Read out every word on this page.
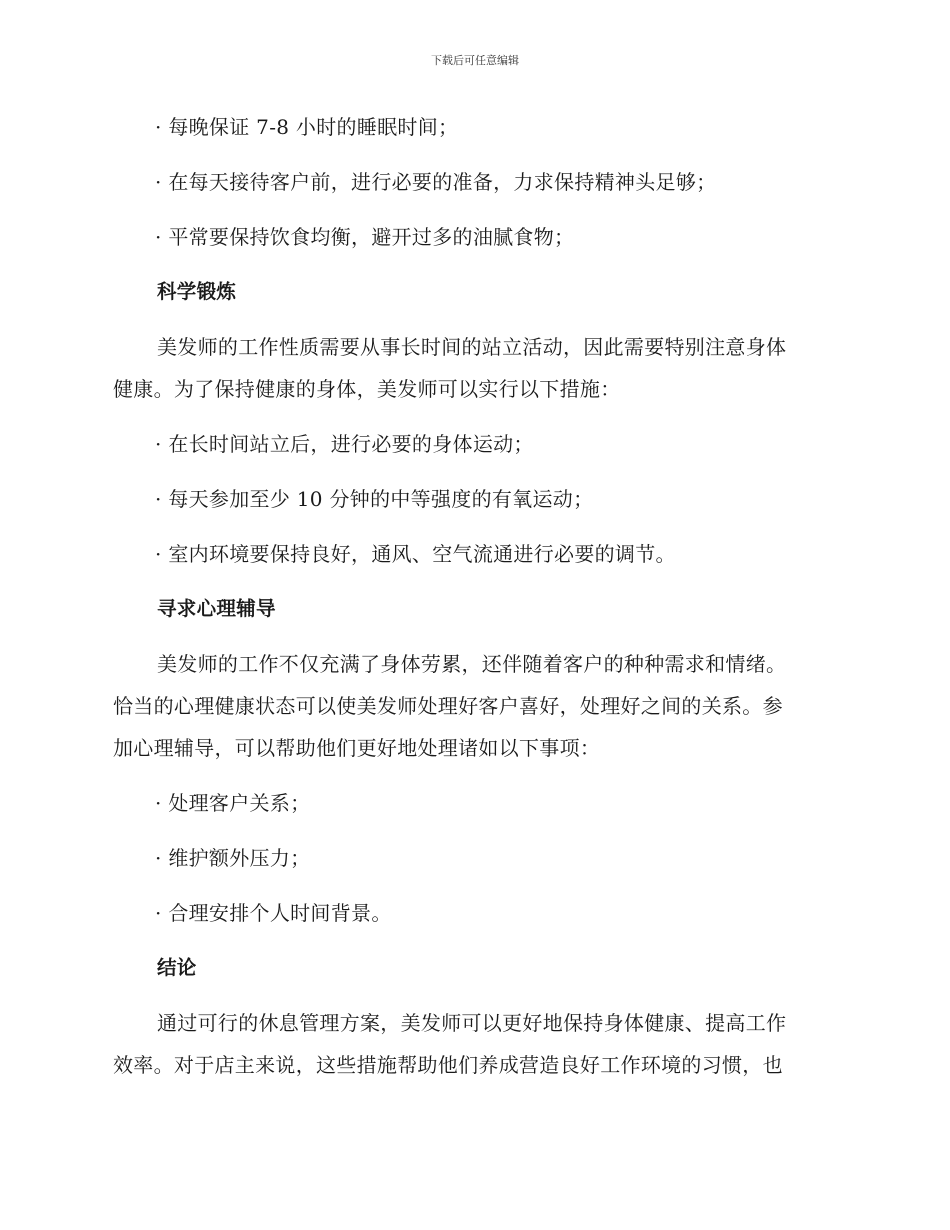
下载后可任意编辑
· 每晚保证 7-8 小时的睡眠时间；
· 在每天接待客户前，进行必要的准备，力求保持精神头足够；
· 平常要保持饮食均衡，避开过多的油腻食物；
科学锻炼
美发师的工作性质需要从事长时间的站立活动，因此需要特别注意身体
健康。为了保持健康的身体，美发师可以实行以下措施：
· 在长时间站立后，进行必要的身体运动；
· 每天参加至少 10 分钟的中等强度的有氧运动；
· 室内环境要保持良好，通风、空气流通进行必要的调节。
寻求心理辅导
美发师的工作不仅充满了身体劳累，还伴随着客户的种种需求和情绪。
恰当的心理健康状态可以使美发师处理好客户喜好，处理好之间的关系。参
加心理辅导，可以帮助他们更好地处理诸如以下事项：
· 处理客户关系；
· 维护额外压力；
· 合理安排个人时间背景。
结论
通过可行的休息管理方案，美发师可以更好地保持身体健康、提高工作
效率。对于店主来说，这些措施帮助他们养成营造良好工作环境的习惯，也
